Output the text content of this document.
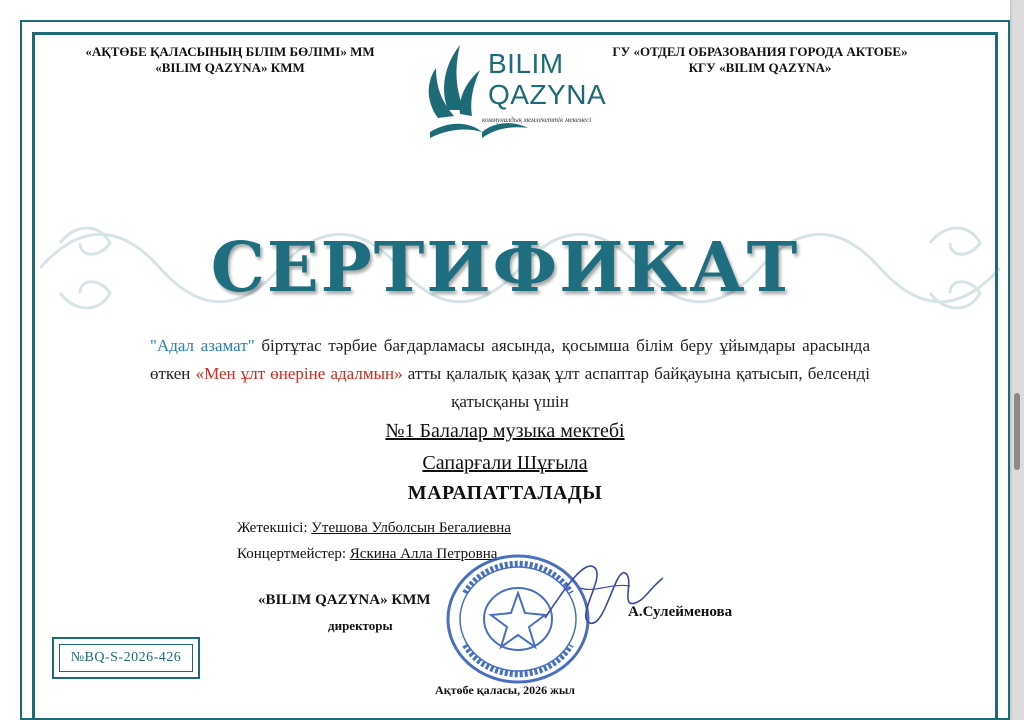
«АҚТӨБЕ ҚАЛАСЫНЫҢ БІЛІМ БӨЛІМІ» ММ
«BILIM QAZYNA» КММ
ГУ «ОТДЕЛ ОБРАЗОВАНИЯ ГОРОДА АКТОБЕ»
КГУ «BILIM QAZYNA»
BILIM
QAZYNA
коммуналдық мемлекеттік мекемесі
СЕРТИФИКАТ
"Адал азамат" біртұтас тәрбие бағдарламасы аясында, қосымша білім беру ұйымдары арасында өткен «Мен ұлт өнеріне адалмын» атты қалалық қазақ ұлт аспаптар байқауына қатысып, белсенді қатысқаны үшін
№1 Балалар музыка мектебі
Сапарғали Шұғыла
МАРАПАТТАЛАДЫ
Жетекшісі: Утешова Улболсын Бегалиевна
Концертмейстер: Яскина Алла Петровна
«BILIM QAZYNA» КММ
директоры
А.Сулейменова
№BQ-S-2026-426
Ақтөбе қаласы, 2026 жыл
